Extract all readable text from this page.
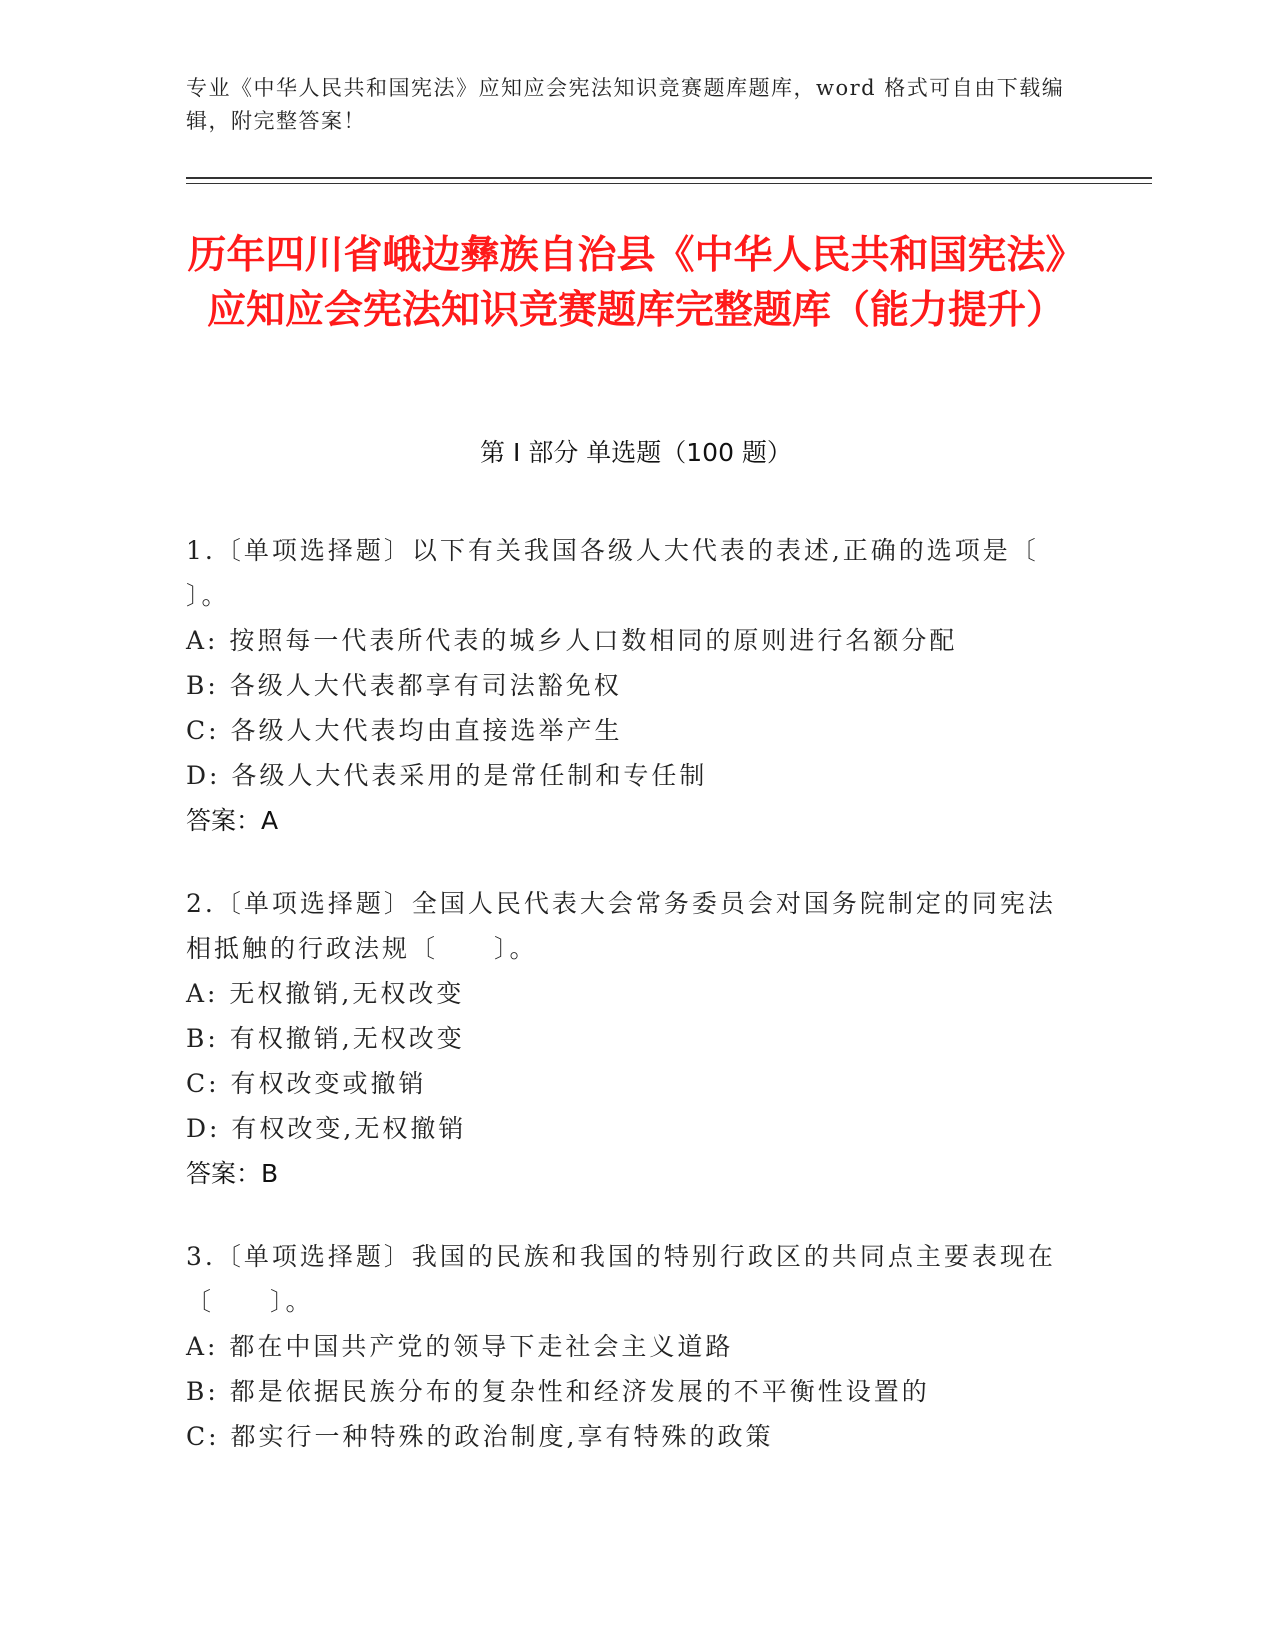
专业《中华人民共和国宪法》应知应会宪法知识竞赛题库题库，word 格式可自由下载编辑，附完整答案！
历年四川省峨边彝族自治县《中华人民共和国宪法》应知应会宪法知识竞赛题库完整题库（能力提升）
第 I 部分 单选题（100 题）
1.〔单项选择题〕以下有关我国各级人大代表的表述,正确的选项是〔 〕。
A: 按照每一代表所代表的城乡人口数相同的原则进行名额分配
B: 各级人大代表都享有司法豁免权
C: 各级人大代表均由直接选举产生
D: 各级人大代表采用的是常任制和专任制
答案：A
2.〔单项选择题〕全国人民代表大会常务委员会对国务院制定的同宪法相抵触的行政法规〔　　〕。
A: 无权撤销,无权改变
B: 有权撤销,无权改变
C: 有权改变或撤销
D: 有权改变,无权撤销
答案：B
3.〔单项选择题〕我国的民族和我国的特别行政区的共同点主要表现在〔　　〕。
A: 都在中国共产党的领导下走社会主义道路
B: 都是依据民族分布的复杂性和经济发展的不平衡性设置的
C: 都实行一种特殊的政治制度,享有特殊的政策
